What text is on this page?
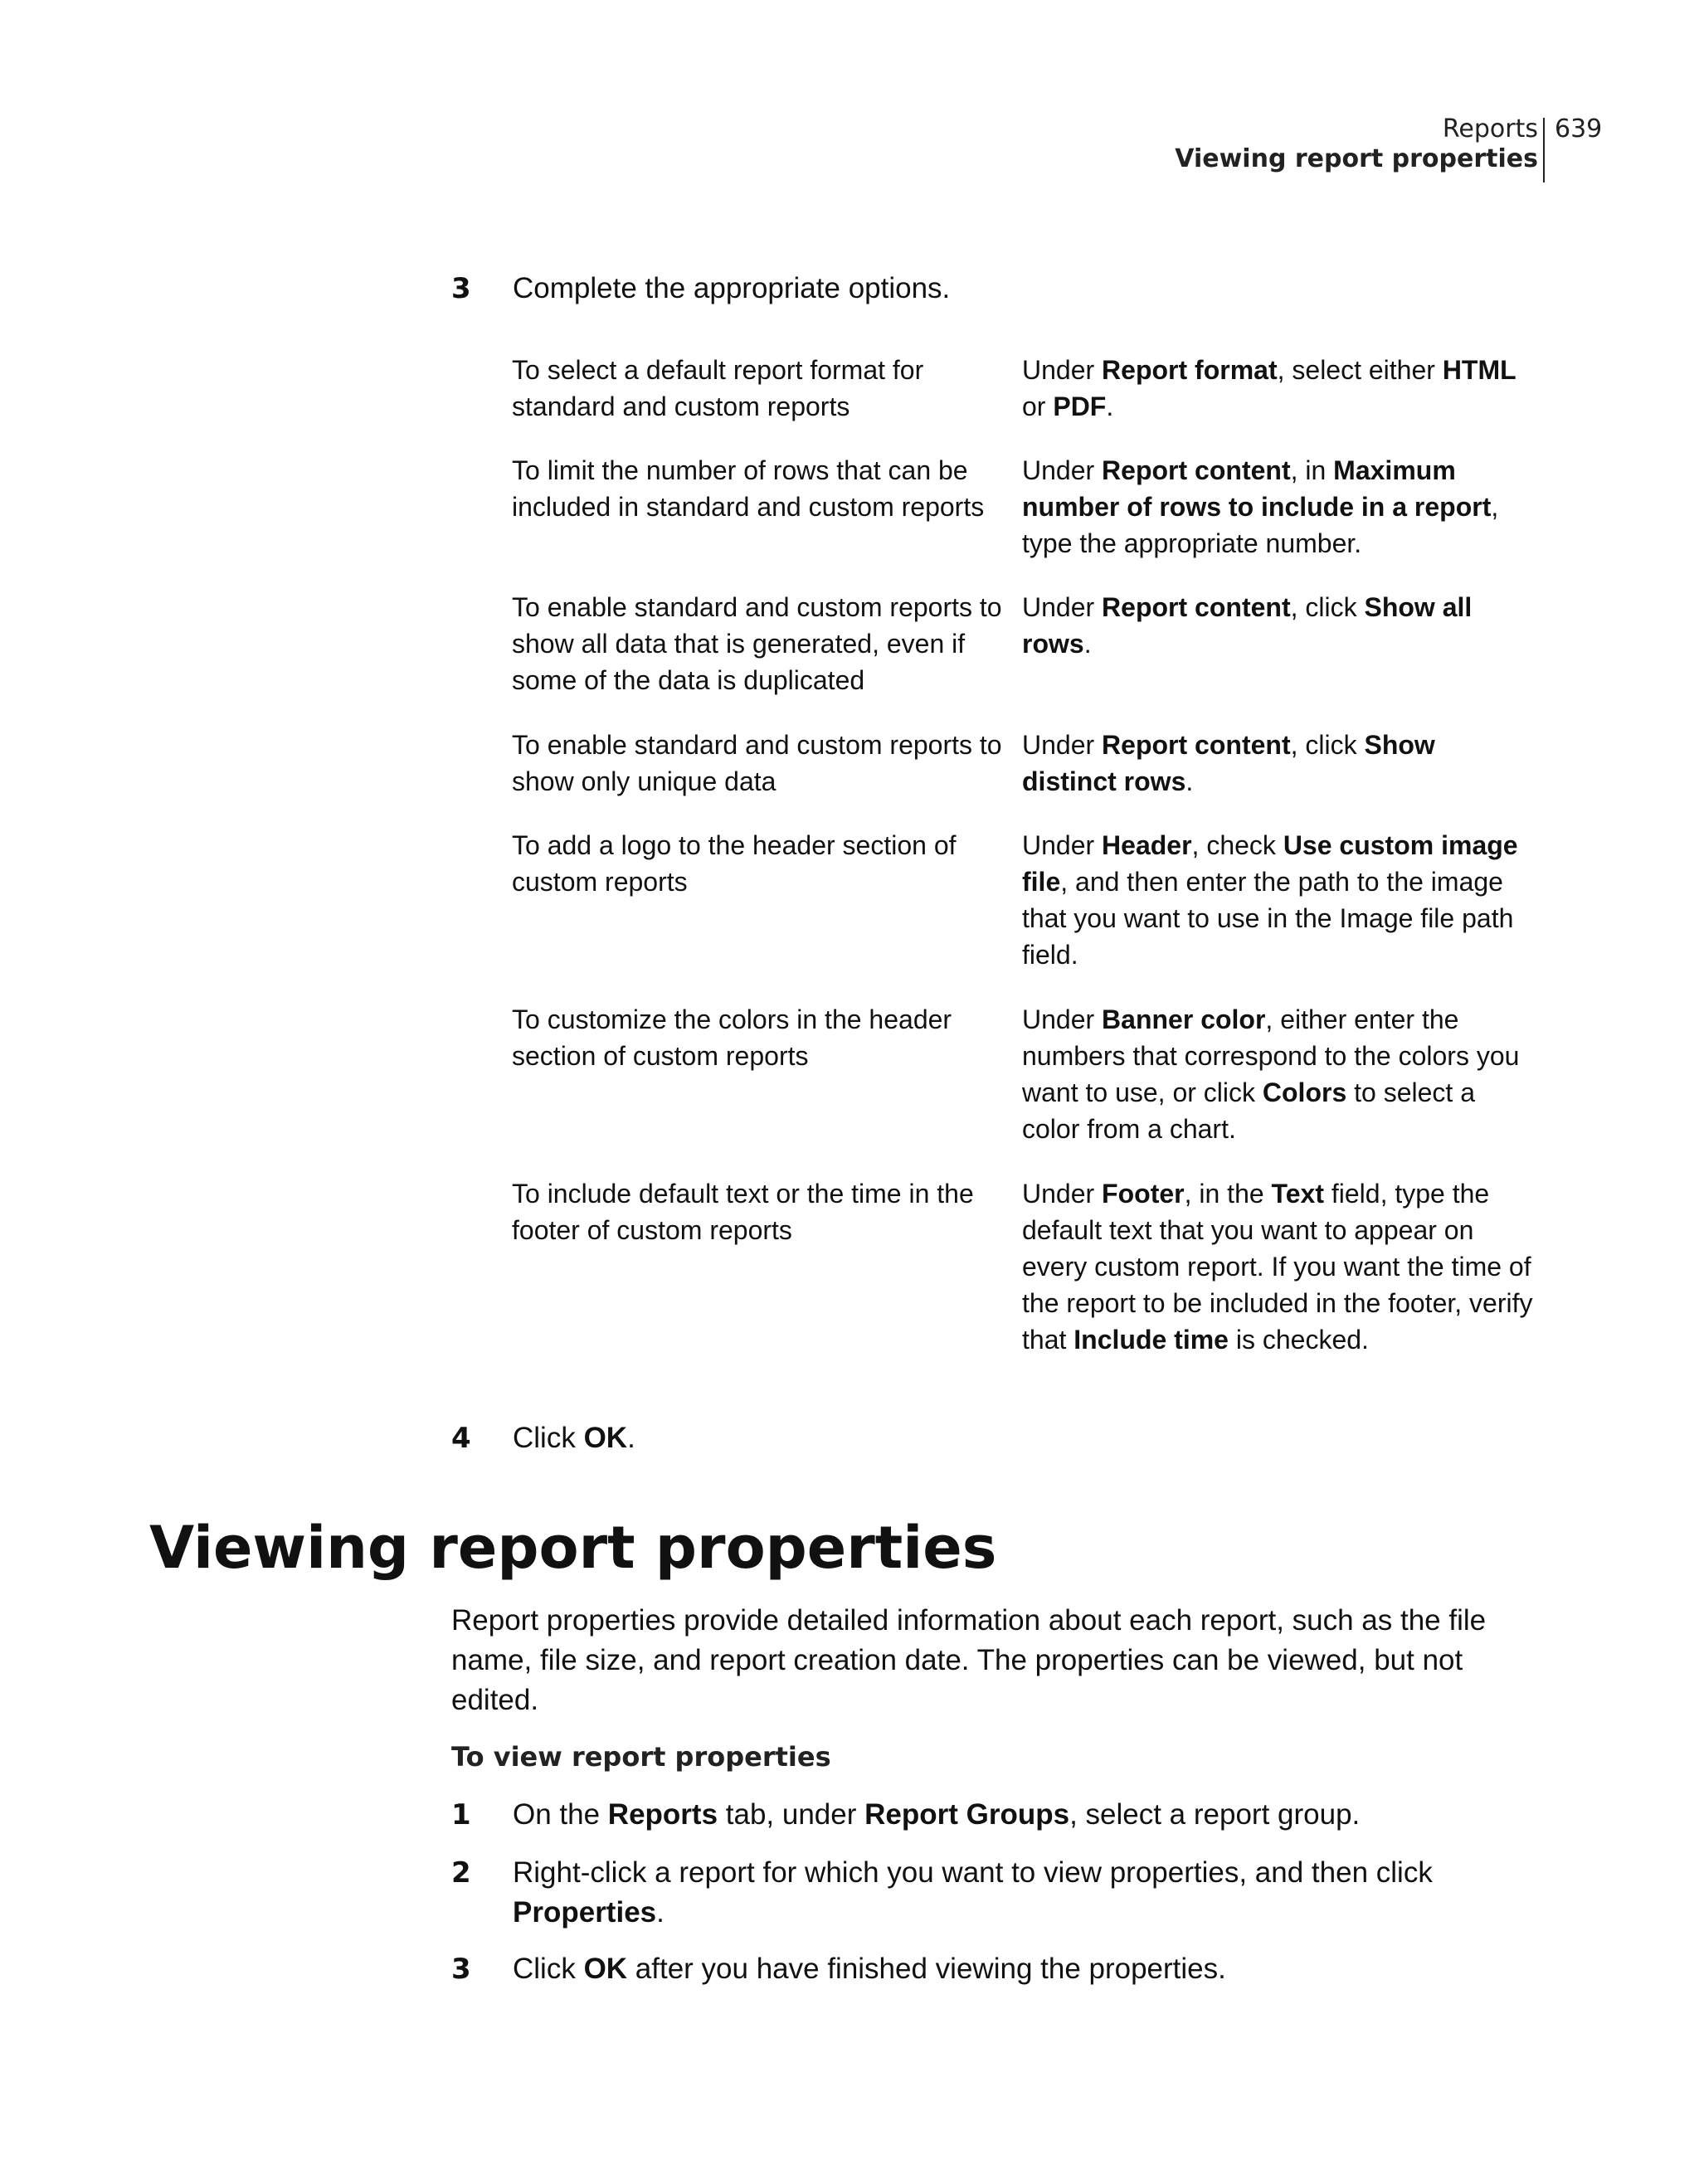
Reports
Viewing report properties
639
3 Complete the appropriate options.
To select a default report format for standard and custom reports
Under Report format, select either HTML or PDF.
To limit the number of rows that can be included in standard and custom reports
Under Report content, in Maximum number of rows to include in a report, type the appropriate number.
To enable standard and custom reports to show all data that is generated, even if some of the data is duplicated
Under Report content, click Show all rows.
To enable standard and custom reports to show only unique data
Under Report content, click Show distinct rows.
To add a logo to the header section of custom reports
Under Header, check Use custom image file, and then enter the path to the image that you want to use in the Image file path field.
To customize the colors in the header section of custom reports
Under Banner color, either enter the numbers that correspond to the colors you want to use, or click Colors to select a color from a chart.
To include default text or the time in the footer of custom reports
Under Footer, in the Text field, type the default text that you want to appear on every custom report. If you want the time of the report to be included in the footer, verify that Include time is checked.
4 Click OK.
Viewing report properties
Report properties provide detailed information about each report, such as the file name, file size, and report creation date. The properties can be viewed, but not edited.
To view report properties
1 On the Reports tab, under Report Groups, select a report group.
2 Right-click a report for which you want to view properties, and then click Properties.
3 Click OK after you have finished viewing the properties.
